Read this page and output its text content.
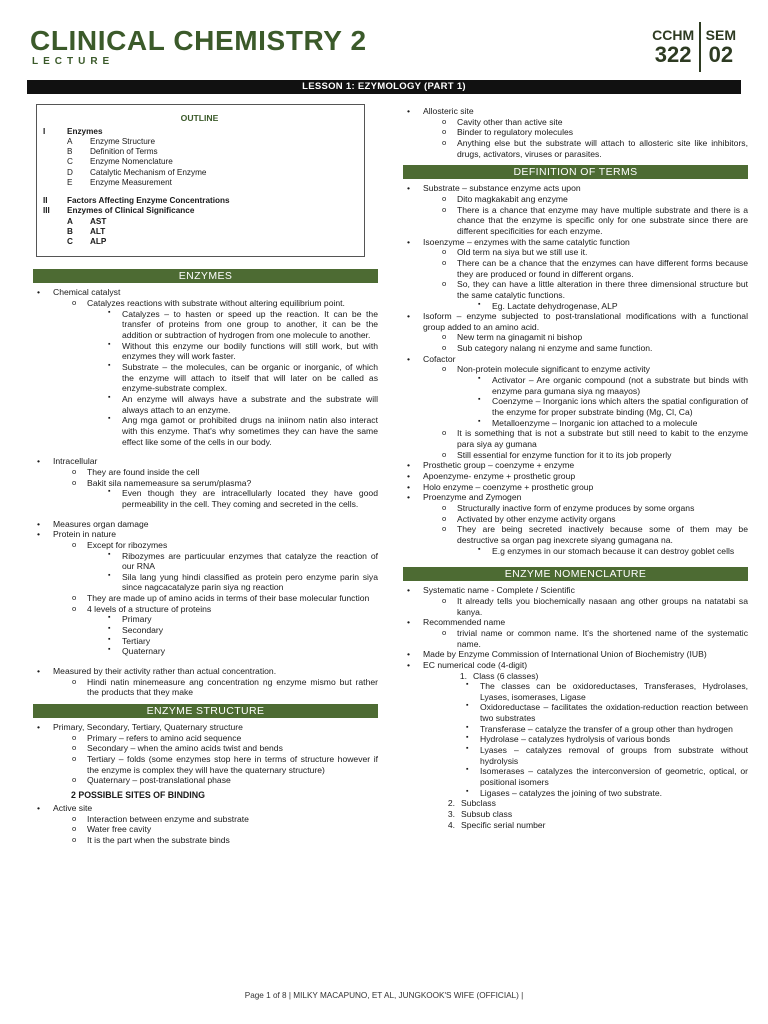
CLINICAL CHEMISTRY 2
LECTURE
CCHM
322
SEM
02
LESSON 1: EZYMOLOGY (PART 1)
OUTLINE
I	Enzymes
A	Enzyme Structure
B	Definition of Terms
C	Enzyme Nomenclature
D	Catalytic Mechanism of Enzyme
E	Enzyme Measurement
II	Factors Affecting Enzyme Concentrations
III	Enzymes of Clinical Significance
A	AST
B	ALT
C	ALP
ENZYMES
• Chemical catalyst
o Catalyzes reactions with substrate without altering equilibrium point.
▪ Catalyzes – to hasten or speed up the reaction. It can be the transfer of proteins from one group to another, it can be the addition or subtraction of hydrogen from one molecule to another.
▪ Without this enzyme our bodily functions will still work, but with enzymes they will work faster.
▪ Substrate – the molecules, can be organic or inorganic, of which the enzyme will attach to itself that will later on be called as enzyme-substrate complex.
▪ An enzyme will always have a substrate and the substrate will always attach to an enzyme.
▪ Ang mga gamot or prohibited drugs na iniinom natin also interact with this enzyme. That's why sometimes they can have the same effect like some of the cells in our body.
• Intracellular
o They are found inside the cell
o Bakit sila namemeasure sa serum/plasma?
▪ Even though they are intracellularly located they have good permeability in the cell. They coming and secreted in the cells.
• Measures organ damage
• Protein in nature
o Except for ribozymes
▪ Ribozymes are particuular enzymes that catalyze the reaction of our RNA
▪ Sila lang yung hindi classified as protein pero enzyme parin siya since nagcacatalyze parin siya ng reaction
o They are made up of amino acids in terms of their base molecular function
o 4 levels of a structure of proteins
▪ Primary
▪ Secondary
▪ Tertiary
▪ Quaternary
• Measured by their activity rather than actual concentration.
o Hindi natin minemeasure ang concentration ng enzyme mismo but rather the products that they make
ENZYME STRUCTURE
• Primary, Secondary, Tertiary, Quaternary structure
o Primary – refers to amino acid sequence
o Secondary – when the amino acids twist and bends
o Tertiary – folds (some enzymes stop here in terms of structure however if the enzyme is complex they will have the quaternary structure)
o Quaternary – post-translational phase
2 POSSIBLE SITES OF BINDING
• Active site
o Interaction between enzyme and substrate
o Water free cavity
o It is the part when the substrate binds
• Allosteric site
o Cavity other than active site
o Binder to regulatory molecules
o Anything else but the substrate will attach to allosteric site like inhibitors, drugs, activators, viruses or parasites.
DEFINITION OF TERMS
• Substrate – substance enzyme acts upon
o Dito magkakabit ang enzyme
o There is a chance that enzyme may have multiple substrate and there is a chance that the enzyme is specific only for one substrate since there are different specificities for each enzyme.
• Isoenzyme – enzymes with the same catalytic function
o Old term na siya but we still use it.
o There can be a chance that the enzymes can have different forms because they are produced or found in different organs.
o So, they can have a little alteration in there three dimensional structure but the same catalytic functions.
▪ Eg. Lactate dehydrogenase, ALP
• Isoform – enzyme subjected to post-translational modifications with a functional group added to an amino acid.
o New term na ginagamit ni bishop
o Sub category nalang ni enzyme and same function.
• Cofactor
o Non-protein molecule significant to enzyme activity
▪ Activator – Are organic compound (not a substrate but binds with enzyme para gumana siya ng maayos)
▪ Coenzyme – Inorganic ions which alters the spatial configuration of the enzyme for proper substrate binding (Mg, Cl, Ca)
▪ Metalloenzyme – Inorganic ion attached to a molecule
o It is something that is not a substrate but still need to kabit to the enzyme para siya ay gumana
o Still essential for enzyme function for it to its job properly
• Prosthetic group – coenzyme + enzyme
• Apoenzyme- enzyme + prosthetic group
• Holo enzyme – coenzyme + prosthetic group
• Proenzyme and Zymogen
o Structurally inactive form of enzyme produces by some organs
o Activated by other enzyme activity organs
o They are being secreted inactively because some of them may be destructive sa organ pag inexcrete siyang gumagana na.
▪ E.g enzymes in our stomach because it can destroy goblet cells
ENZYME NOMENCLATURE
• Systematic name - Complete / Scientific
o It already tells you biochemically nasaan ang other groups na natatabi sa kanya.
• Recommended name
o trivial name or common name. It's the shortened name of the systematic name.
• Made by Enzyme Commission of International Union of Biochemistry (IUB)
• EC numerical code (4-digit)
1. Class (6 classes)
▪ The classes can be oxidoreductases, Transferases, Hydrolases, Lyases, isomerases, Ligase
▪ Oxidoreductase – facilitates the oxidation-reduction reaction between two substrates
▪ Transferase – catalyze the transfer of a group other than hydrogen
▪ Hydrolase – catalyzes hydrolysis of various bonds
▪ Lyases – catalyzes removal of groups from substrate without hydrolysis
▪ Isomerases – catalyzes the interconversion of geometric, optical, or positional isomers
▪ Ligases – catalyzes the joining of two substrate.
2. Subclass
3. Subsub class
4. Specific serial number
Page 1 of 8 | MILKY MACAPUNO, ET AL, JUNGKOOK'S WIFE (OFFICIAL) |
